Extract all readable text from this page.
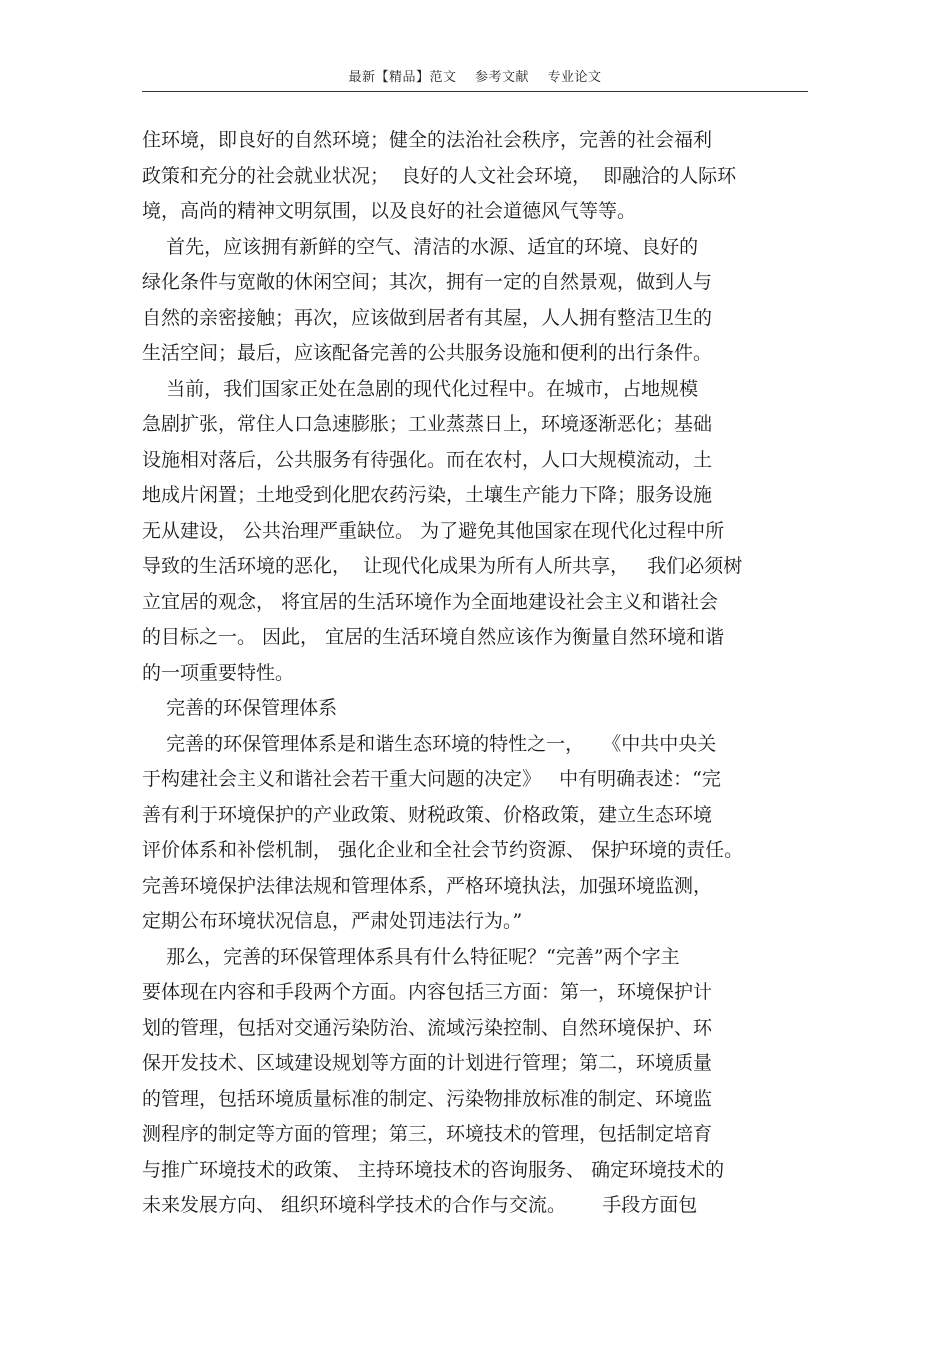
最新【精品】范文    参考文献    专业论文
住环境，即良好的自然环境；健全的法治社会秩序，完善的社会福利
政策和充分的社会就业状况；  良好的人文社会环境，  即融洽的人际环
境，高尚的精神文明氛围，以及良好的社会道德风气等等。
首先，应该拥有新鲜的空气、清洁的水源、适宜的环境、良好的
绿化条件与宽敞的休闲空间；其次，拥有一定的自然景观，做到人与
自然的亲密接触；再次，应该做到居者有其屋，人人拥有整洁卫生的
生活空间；最后，应该配备完善的公共服务设施和便利的出行条件。
当前，我们国家正处在急剧的现代化过程中。在城市，占地规模
急剧扩张，常住人口急速膨胀；工业蒸蒸日上，环境逐渐恶化；基础
设施相对落后，公共服务有待强化。而在农村，人口大规模流动，土
地成片闲置；土地受到化肥农药污染，土壤生产能力下降；服务设施
无从建设， 公共治理严重缺位。 为了避免其他国家在现代化过程中所
导致的生活环境的恶化，  让现代化成果为所有人所共享，   我们必须树
立宜居的观念， 将宜居的生活环境作为全面地建设社会主义和谐社会
的目标之一。 因此， 宜居的生活环境自然应该作为衡量自然环境和谐
的一项重要特性。
完善的环保管理体系
完善的环保管理体系是和谐生态环境的特性之一，   《中共中央关
于构建社会主义和谐社会若干重大问题的决定》   中有明确表述：“完
善有利于环境保护的产业政策、财税政策、价格政策，建立生态环境
评价体系和补偿机制， 强化企业和全社会节约资源、 保护环境的责任。
完善环境保护法律法规和管理体系，严格环境执法，加强环境监测，
定期公布环境状况信息，严肃处罚违法行为。”
那么，完善的环保管理体系具有什么特征呢？“完善”两个字主
要体现在内容和手段两个方面。内容包括三方面：第一，环境保护计
划的管理，包括对交通污染防治、流域污染控制、自然环境保护、环
保开发技术、区域建设规划等方面的计划进行管理；第二，环境质量
的管理，包括环境质量标准的制定、污染物排放标准的制定、环境监
测程序的制定等方面的管理；第三，环境技术的管理，包括制定培育
与推广环境技术的政策、 主持环境技术的咨询服务、 确定环境技术的
未来发展方向、 组织环境科学技术的合作与交流。      手段方面包
